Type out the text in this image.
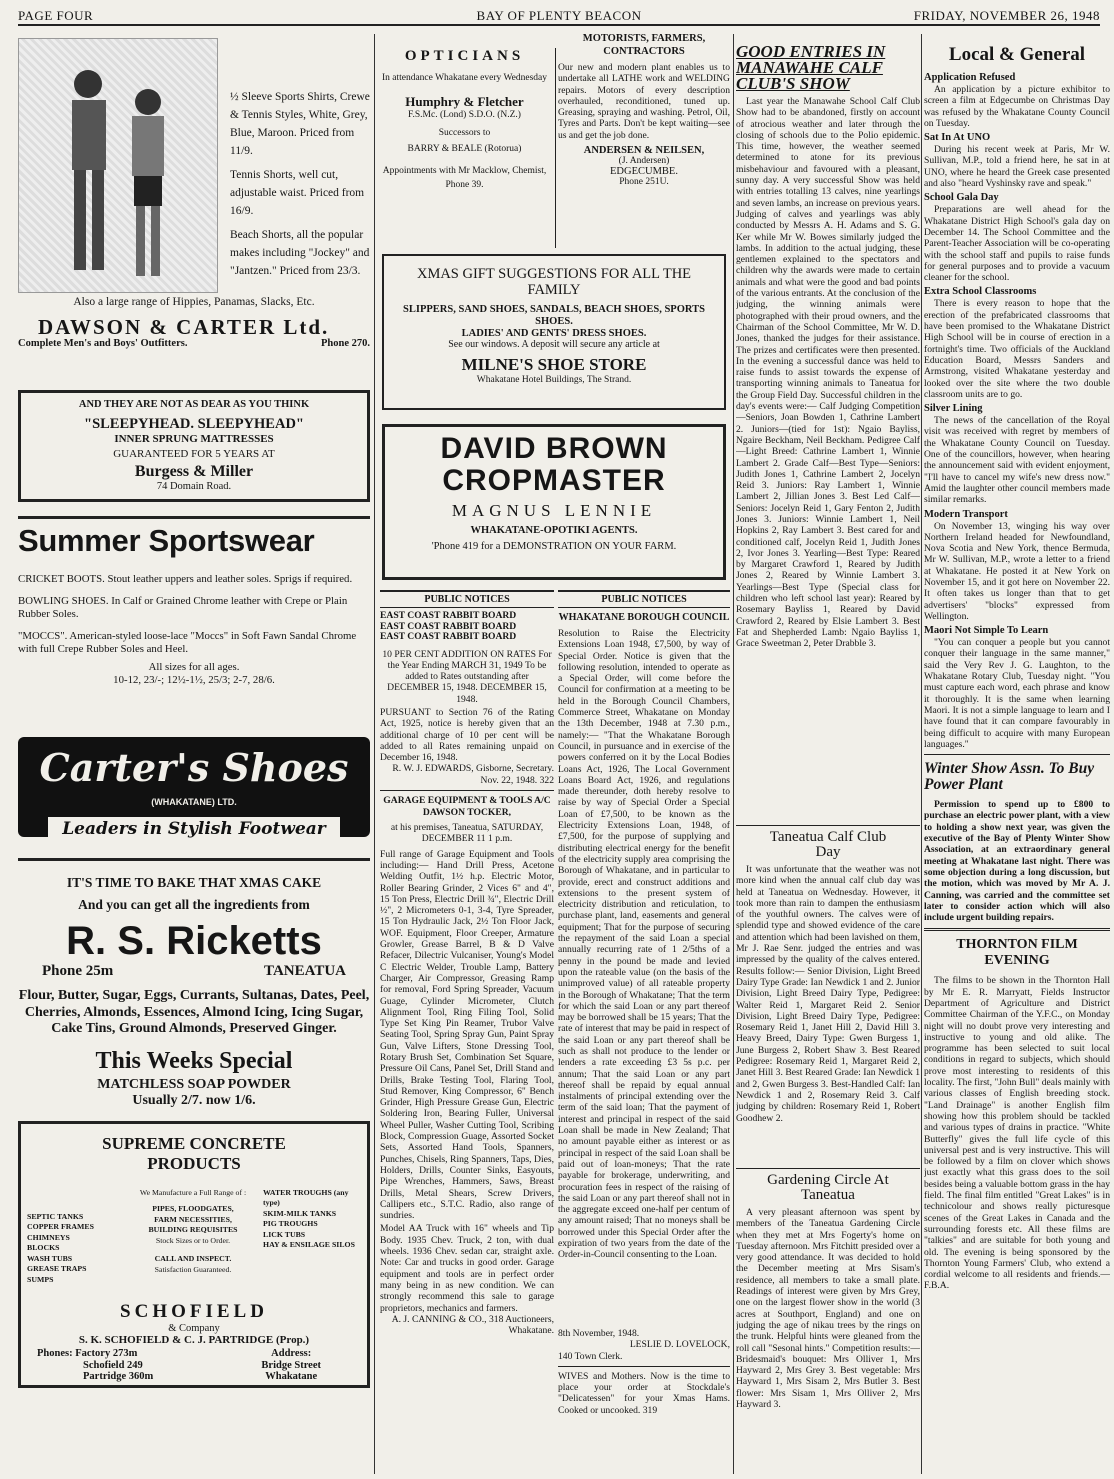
PAGE FOUR	BAY OF PLENTY BEACON	FRIDAY, NOVEMBER 26, 1948
½ Sleeve Sports Shirts, Crewe & Tennis Styles, White, Grey, Blue, Maroon. Priced from 11/9.
Tennis Shorts, well cut, adjustable waist. Priced from 16/9.
Beach Shorts, all the popular makes including "Jockey" and "Jantzen." Priced from 23/3.
Also a large range of Hippies, Panamas, Slacks, Etc.
DAWSON & CARTER Ltd.
Complete Men's and Boys' Outfitters.	Phone 270.
AND THEY ARE NOT AS DEAR AS YOU THINK
"SLEEPYHEAD. SLEEPYHEAD"
INNER SPRUNG MATTRESSES
GUARANTEED FOR 5 YEARS AT
Burgess & Miller
74 Domain Road.
Summer Sportswear
CRICKET BOOTS. Stout leather uppers and leather soles. Sprigs if required.
BOWLING SHOES. In Calf or Grained Chrome leather with Crepe or Plain Rubber Soles.
"MOCCS". American-styled loose-lace "Moccs" in Soft Fawn Sandal Chrome with full Crepe Rubber Soles and Heel.
All sizes for all ages.
10-12, 23/-; 12½-1½, 25/3; 2-7, 28/6.
Carter's Shoes (WHAKATANE) LTD.
Leaders in Stylish Footwear
IT'S TIME TO BAKE THAT XMAS CAKE
And you can get all the ingredients from
R. S. Ricketts
Phone 25m	TANEATUA
Flour, Butter, Sugar, Eggs, Currants, Sultanas, Dates, Peel, Cherries, Almonds, Essences, Almond Icing, Icing Sugar, Cake Tins, Ground Almonds, Preserved Ginger.
This Weeks Special
MATCHLESS SOAP POWDER
Usually 2/7. now 1/6.
SUPREME CONCRETE PRODUCTS
SEPTIC TANKS
COPPER FRAMES
CHIMNEYS
BLOCKS
WASH TUBS
GREASE TRAPS
SUMPS
We Manufacture a Full Range of :
PIPES, FLOODGATES,
FARM NECESSITIES,
BUILDING REQUISITES
Stock Sizes or to Order.
CALL AND INSPECT.
Satisfaction Guaranteed.
WATER TROUGHS (any type)
SKIM-MILK TANKS
PIG TROUGHS
LICK TUBS
HAY & ENSILAGE SILOS
SCHOFIELD
& Company
S. K. SCHOFIELD & C. J. PARTRIDGE (Prop.)
Phones: Factory 273m
Schofield 249
Partridge 360m
Address:
Bridge Street
Whakatane
OPTICIANS
In attendance Whakatane every Wednesday
Humphry & Fletcher
F.S.Mc. (Lond) S.D.O. (N.Z.)
Successors to
BARRY & BEALE (Rotorua)
Appointments with Mr Macklow, Chemist, Phone 39.
MOTORISTS, FARMERS, CONTRACTORS
Our new and modern plant enables us to undertake all LATHE work and WELDING repairs. Motors of every description overhauled, reconditioned, tuned up. Greasing, spraying and washing. Petrol, Oil, Tyres and Parts. Don't be kept waiting—see us and get the job done.
ANDERSEN & NEILSEN,
(J. Andersen)
EDGECUMBE.
Phone 251U.
XMAS GIFT SUGGESTIONS FOR ALL THE FAMILY
SLIPPERS, SAND SHOES, SANDALS, BEACH SHOES, SPORTS SHOES.
LADIES' AND GENTS' DRESS SHOES.
See our windows. A deposit will secure any article at
MILNE'S SHOE STORE
Whakatane Hotel Buildings, The Strand.
DAVID BROWN
CROPMASTER
MAGNUS LENNIE
WHAKATANE-OPOTIKI AGENTS.
'Phone 419 for a DEMONSTRATION ON YOUR FARM.
PUBLIC NOTICES
EAST COAST RABBIT BOARD
EAST COAST RABBIT BOARD
EAST COAST RABBIT BOARD
10 PER CENT ADDITION ON RATES For the Year Ending MARCH 31, 1949 To be added to Rates outstanding after DECEMBER 15, 1948. DECEMBER 15, 1948.
PURSUANT to Section 76 of the Rating Act, 1925, notice is hereby given that an additional charge of 10 per cent will be added to all Rates remaining unpaid on December 16, 1948.
R. W. J. EDWARDS, Gisborne, Secretary. Nov. 22, 1948. 322
GARAGE EQUIPMENT & TOOLS A/C DAWSON TOCKER,
at his premises, Taneatua, SATURDAY, DECEMBER 11 1 p.m.
Full range of Garage Equipment and Tools including:— Hand Drill Press, Acetone Welding Outfit, 1½ h.p. Electric Motor, Roller Bearing Grinder, 2 Vices 6" and 4", 15 Ton Press, Electric Drill ¾", Electric Drill ½", 2 Micrometers 0-1, 3-4, Tyre Spreader, 15 Ton Hydraulic Jack, 2½ Ton Floor Jack, WOF. Equipment, Floor Creeper, Armature Growler, Grease Barrel, B & D Valve Refacer, Dilectric Vulcaniser, Young's Model C Electric Welder, Trouble Lamp, Battery Charger, Air Compressor, Greasing Ramp for removal, Ford Spring Spreader, Vacuum Guage, Cylinder Micrometer, Clutch Alignment Tool, Ring Filing Tool, Solid Type Set King Pin Reamer, Trubor Valve Seating Tool, Spring Spray Gun, Paint Spray Gun, Valve Lifters, Stone Dressing Tool, Rotary Brush Set, Combination Set Square, Pressure Oil Cans, Panel Set, Drill Stand and Drills, Brake Testing Tool, Flaring Tool, Stud Remover, King Compressor, 6" Bench Grinder, High Pressure Grease Gun, Electric Soldering Iron, Bearing Fuller, Universal Wheel Puller, Washer Cutting Tool, Scribing Block, Compression Guage, Assorted Socket Sets, Assorted Hand Tools, Spanners, Punches, Chisels, Ring Spanners, Taps, Dies, Holders, Drills, Counter Sinks, Easyouts, Pipe Wrenches, Hammers, Saws, Breast Drills, Metal Shears, Screw Drivers, Callipers etc., S.T.C. Radio, also range of sundries.
Model AA Truck with 16" wheels and Tip Body. 1935 Chev. Truck, 2 ton, with dual wheels. 1936 Chev. sedan car, straight axle. Note: Car and trucks in good order. Garage equipment and tools are in perfect order many being in as new condition. We can strongly recommend this sale to garage proprietors, mechanics and farmers.
A. J. CANNING & CO., 318 Auctioneers, Whakatane.
PUBLIC NOTICES
WHAKATANE BOROUGH COUNCIL
Resolution to Raise the Electricity Extensions Loan 1948, £7,500, by way of Special Order. Notice is given that the following resolution, intended to operate as a Special Order, will come before the Council for confirmation at a meeting to be held in the Borough Council Chambers, Commerce Street, Whakatane on Monday the 13th December, 1948 at 7.30 p.m., namely:— "That the Whakatane Borough Council, in pursuance and in exercise of the powers conferred on it by the Local Bodies Loans Act, 1926, The Local Government Loans Board Act, 1926, and regulations made thereunder, doth hereby resolve to raise by way of Special Order a Special Loan of £7,500, to be known as the Electricity Extensions Loan, 1948, of £7,500, for the purpose of supplying and distributing electrical energy for the benefit of the electricity supply area comprising the Borough of Whakatane, and in particular to provide, erect and construct additions and extensions to the present system of electricity distribution and reticulation, to purchase plant, land, easements and general equipment; That for the purpose of securing the repayment of the said Loan a special annually recurring rate of 1 2/5ths of a penny in the pound be made and levied upon the rateable value (on the basis of the unimproved value) of all rateable property in the Borough of Whakatane; That the term for which the said Loan or any part thereof may be borrowed shall be 15 years; That the rate of interest that may be paid in respect of the said Loan or any part thereof shall be such as shall not produce to the lender or lenders a rate exceeding £3 5s p.c. per annum; That the said Loan or any part thereof shall be repaid by equal annual instalments of principal extending over the term of the said loan; That the payment of interest and principal in respect of the said Loan shall be made in New Zealand; That no amount payable either as interest or as principal in respect of the said Loan shall be paid out of loan-moneys; That the rate payable for brokerage, underwriting, and procuration fees in respect of the raising of the said Loan or any part thereof shall not in the aggregate exceed one-half per centum of any amount raised; That no moneys shall be borrowed under this Special Order after the expiration of two years from the date of the Order-in-Council consenting to the Loan.
8th November, 1948.
LESLIE D. LOVELOCK,
140 Town Clerk.
WIVES and Mothers. Now is the time to place your order at Stockdale's "Delicatessen" for your Xmas Hams. Cooked or uncooked. 319
GOOD ENTRIES IN MANAWAHE CALF CLUB'S SHOW
Last year the Manawahe School Calf Club Show had to be abandoned, firstly on account of atrocious weather and later through the closing of schools due to the Polio epidemic. This time, however, the weather seemed determined to atone for its previous misbehaviour and favoured with a pleasant, sunny day. A very successful Show was held with entries totalling 13 calves, nine yearlings and seven lambs, an increase on previous years. Judging of calves and yearlings was ably conducted by Messrs A. H. Adams and S. G. Ker while Mr W. Bowes similarly judged the lambs. In addition to the actual judging, these gentlemen explained to the spectators and children why the awards were made to certain animals and what were the good and bad points of the various entrants. At the conclusion of the judging, the winning animals were photographed with their proud owners, and the Chairman of the School Committee, Mr W. D. Jones, thanked the judges for their assistance. The prizes and certificates were then presented. In the evening a successful dance was held to raise funds to assist towards the expense of transporting winning animals to Taneatua for the Group Field Day. Successful children in the day's events were:— Calf Judging Competition—Seniors, Joan Bowden 1, Cathrine Lambert 2. Juniors—(tied for 1st): Ngaio Bayliss, Ngaire Beckham, Neil Beckham. Pedigree Calf—Light Breed: Cathrine Lambert 1, Winnie Lambert 2. Grade Calf—Best Type—Seniors: Judith Jones 1, Cathrine Lambert 2, Jocelyn Reid 3. Juniors: Ray Lambert 1, Winnie Lambert 2, Jillian Jones 3. Best Led Calf—Seniors: Jocelyn Reid 1, Gary Fenton 2, Judith Jones 3. Juniors: Winnie Lambert 1, Neil Hopkins 2, Ray Lambert 3. Best cared for and conditioned calf, Jocelyn Reid 1, Judith Jones 2, Ivor Jones 3. Yearling—Best Type: Reared by Margaret Crawford 1, Reared by Judith Jones 2, Reared by Winnie Lambert 3. Yearlings—Best Type (Special class for children who left school last year): Reared by Rosemary Bayliss 1, Reared by David Crawford 2, Reared by Elsie Lambert 3. Best Fat and Shepherded Lamb: Ngaio Bayliss 1, Grace Sweetman 2, Peter Drabble 3.
Taneatua Calf Club Day
It was unfortunate that the weather was not more kind when the annual calf club day was held at Taneatua on Wednesday. However, it took more than rain to dampen the enthusiasm of the youthful owners. The calves were of splendid type and showed evidence of the care and attention which had been lavished on them, Mr J. Rae Senr. judged the entries and was impressed by the quality of the calves entered. Results follow:— Senior Division, Light Breed Dairy Type Grade: Ian Newdick 1 and 2. Junior Division, Light Breed Dairy Type, Pedigree: Walter Reid 1, Margaret Reid 2. Senior Division, Light Breed Dairy Type, Pedigree: Rosemary Reid 1, Janet Hill 2, David Hill 3. Heavy Breed, Dairy Type: Gwen Burgess 1, June Burgess 2, Robert Shaw 3. Best Reared Pedigree: Rosemary Reid 1, Margaret Reid 2, Janet Hill 3. Best Reared Grade: Ian Newdick 1 and 2, Gwen Burgess 3. Best-Handled Calf: Ian Newdick 1 and 2, Rosemary Reid 3. Calf judging by children: Rosemary Reid 1, Robert Goodhew 2.
Gardening Circle At Taneatua
A very pleasant afternoon was spent by members of the Taneatua Gardening Circle when they met at Mrs Fogerty's home on Tuesday afternoon. Mrs Fitchitt presided over a very good attendance. It was decided to hold the December meeting at Mrs Sisam's residence, all members to take a small plate. Readings of interest were given by Mrs Grey, one on the largest flower show in the world (3 acres at Southport, England) and one on judging the age of nikau trees by the rings on the trunk. Helpful hints were gleaned from the roll call "Sesonal hints." Competition results:— Bridesmaid's bouquet: Mrs Olliver 1, Mrs Hayward 2, Mrs Grey 3. Best vegetable: Mrs Hayward 1, Mrs Sisam 2, Mrs Butler 3. Best flower: Mrs Sisam 1, Mrs Olliver 2, Mrs Hayward 3.
Local & General
Application Refused
An application by a picture exhibitor to screen a film at Edgecumbe on Christmas Day was refused by the Whakatane County Council on Tuesday.
Sat In At UNO
During his recent week at Paris, Mr W. Sullivan, M.P., told a friend here, he sat in at UNO, where he heard the Greek case presented and also "heard Vyshinsky rave and speak."
School Gala Day
Preparations are well ahead for the Whakatane District High School's gala day on December 14. The School Committee and the Parent-Teacher Association will be co-operating with the school staff and pupils to raise funds for general purposes and to provide a vacuum cleaner for the school.
Extra School Classrooms
There is every reason to hope that the erection of the prefabricated classrooms that have been promised to the Whakatane District High School will be in course of erection in a fortnight's time. Two officials of the Auckland Education Board, Messrs Sanders and Armstrong, visited Whakatane yesterday and looked over the site where the two double classroom units are to go.
Silver Lining
The news of the cancellation of the Royal visit was received with regret by members of the Whakatane County Council on Tuesday. One of the councillors, however, when hearing the announcement said with evident enjoyment, "I'll have to cancel my wife's new dress now." Amid the laughter other council members made similar remarks.
Modern Transport
On November 13, winging his way over Northern Ireland headed for Newfoundland, Nova Scotia and New York, thence Bermuda, Mr W. Sullivan, M.P., wrote a letter to a friend at Whakatane. He posted it at New York on November 15, and it got here on November 22. It often takes us longer than that to get advertisers' "blocks" expressed from Wellington.
Maori Not Simple To Learn
"You can conquer a people but you cannot conquer their language in the same manner," said the Very Rev J. G. Laughton, to the Whakatane Rotary Club, Tuesday night. "You must capture each word, each phrase and know it thoroughly. It is the same when learning Maori. It is not a simple language to learn and I have found that it can compare favourably in being difficult to acquire with many European languages."
Winter Show Assn. To Buy Power Plant
Permission to spend up to £800 to purchase an electric power plant, with a view to holding a show next year, was given the executive of the Bay of Plenty Winter Show Association, at an extraordinary general meeting at Whakatane last night. There was some objection during a long discussion, but the motion, which was moved by Mr A. J. Canning, was carried and the committee set later to consider action which will also include urgent building repairs.
THORNTON FILM EVENING
The films to be shown in the Thornton Hall by Mr E. R. Marryatt, Fields Instructor Department of Agriculture and District Committee Chairman of the Y.F.C., on Monday night will no doubt prove very interesting and instructive to young and old alike. The programme has been selected to suit local conditions in regard to subjects, which should prove most interesting to residents of this locality. The first, "John Bull" deals mainly with various classes of English breeding stock. "Land Drainage" is another English film showing how this problem should be tackled and various types of drains in practice. "White Butterfly" gives the full life cycle of this universal pest and is very instructive. This will be followed by a film on clover which shows just exactly what this grass does to the soil besides being a valuable bottom grass in the hay field. The final film entitled "Great Lakes" is in technicolour and shows really picturesque scenes of the Great Lakes in Canada and the surrounding forests etc. All these films are "talkies" and are suitable for both young and old. The evening is being sponsored by the Thornton Young Farmers' Club, who extend a cordial welcome to all residents and friends.—F.B.A.
